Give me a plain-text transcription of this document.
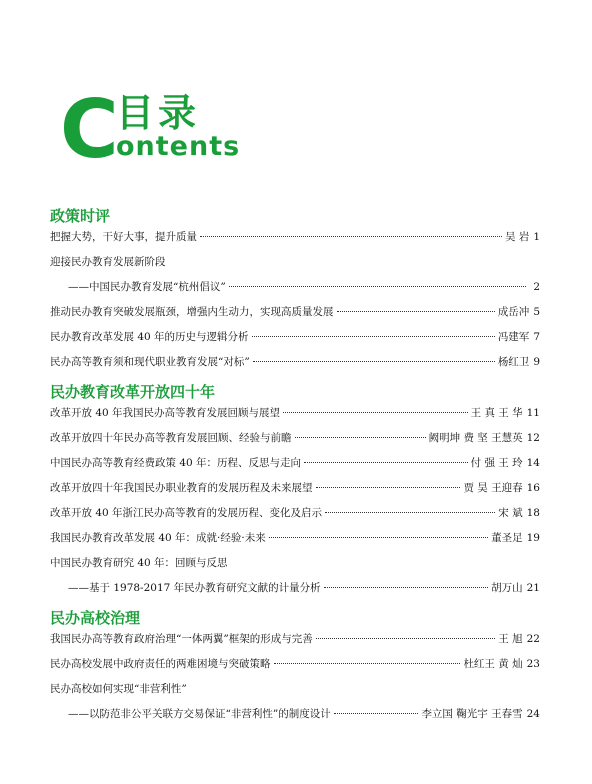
C
目录
ontents
政策时评
把握大势，干好大事，提升质量	吴 岩 1
迎接民办教育发展新阶段
——中国民办教育发展“杭州倡议”	2
推动民办教育突破发展瓶颈，增强内生动力，实现高质量发展	成岳冲 5
民办教育改革发展 40 年的历史与逻辑分析	冯建军 7
民办高等教育须和现代职业教育发展“对标”	杨红卫 9
民办教育改革开放四十年
改革开放 40 年我国民办高等教育发展回顾与展望	王 真 王 华 11
改革开放四十年民办高等教育发展回顾、经验与前瞻	阙明坤 费 坚 王慧英 12
中国民办高等教育经费政策 40 年：历程、反思与走向	付 强 王 玲 14
改革开放四十年我国民办职业教育的发展历程及未来展望	贾 昊 王迎春 16
改革开放 40 年浙江民办高等教育的发展历程、变化及启示	宋 斌 18
我国民办教育改革发展 40 年：成就·经验·未来	董圣足 19
中国民办教育研究 40 年：回顾与反思
——基于 1978-2017 年民办教育研究文献的计量分析	胡万山 21
民办高校治理
我国民办高等教育政府治理“一体两翼”框架的形成与完善	王 旭 22
民办高校发展中政府责任的两难困境与突破策略	杜红王 黄 灿 23
民办高校如何实现“非营利性”
——以防范非公平关联方交易保证“非营利性”的制度设计	李立国 鞠光宇 王春雪 24
